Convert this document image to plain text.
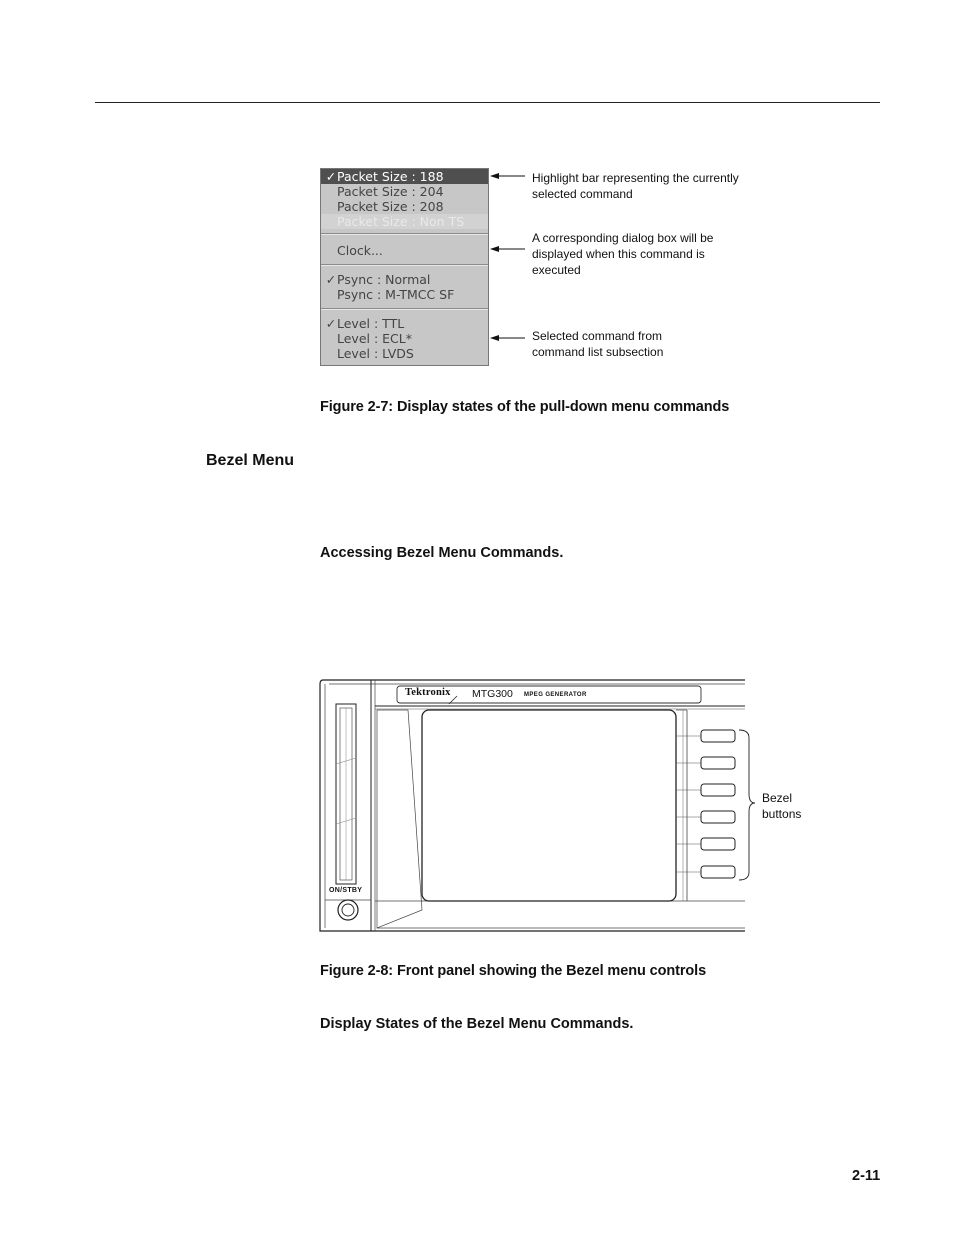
✓ Packet Size : 188
Packet Size : 204
Packet Size : 208
Packet Size : Non TS
Clock...
✓ Psync : Normal
Psync : M-TMCC SF
✓ Level : TTL
Level : ECL*
Level : LVDS
Highlight bar representing the currently selected command
A corresponding dialog box will be displayed when this command is executed
Selected command from command list subsection
Figure 2-7: Display states of the pull-down menu commands
Bezel Menu
Accessing Bezel Menu Commands.
Tektronix MTG300 MPEG GENERATOR
ON/STBY
Bezel
buttons
Figure 2-8: Front panel showing the Bezel menu controls
Display States of the Bezel Menu Commands.
2-11
